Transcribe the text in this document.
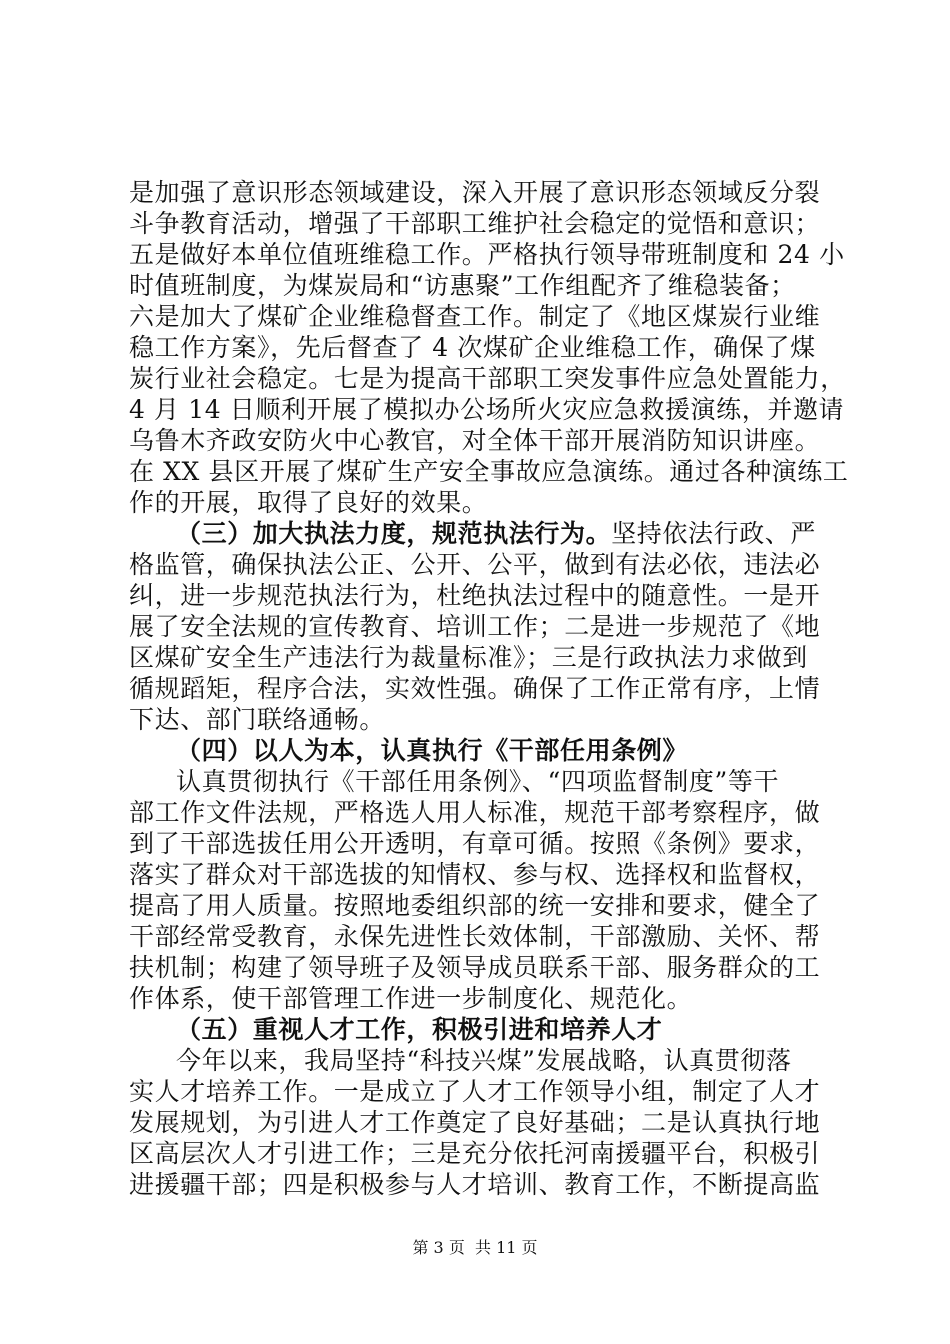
是加强了意识形态领域建设，深入开展了意识形态领域反分裂
斗争教育活动，增强了干部职工维护社会稳定的觉悟和意识；
五是做好本单位值班维稳工作。严格执行领导带班制度和 24 小
时值班制度，为煤炭局和“访惠聚”工作组配齐了维稳装备；
六是加大了煤矿企业维稳督查工作。制定了《地区煤炭行业维
稳工作方案》，先后督查了 4 次煤矿企业维稳工作，确保了煤
炭行业社会稳定。七是为提高干部职工突发事件应急处置能力，
4 月 14 日顺利开展了模拟办公场所火灾应急救援演练，并邀请
乌鲁木齐政安防火中心教官，对全体干部开展消防知识讲座。
在 XX 县区开展了煤矿生产安全事故应急演练。通过各种演练工
作的开展，取得了良好的效果。
（三）加大执法力度，规范执法行为。坚持依法行政、严
格监管，确保执法公正、公开、公平，做到有法必依，违法必
纠，进一步规范执法行为，杜绝执法过程中的随意性。一是开
展了安全法规的宣传教育、培训工作；二是进一步规范了《地
区煤矿安全生产违法行为裁量标准》；三是行政执法力求做到
循规蹈矩，程序合法，实效性强。确保了工作正常有序，上情
下达、部门联络通畅。
（四）以人为本，认真执行《干部任用条例》
认真贯彻执行《干部任用条例》、“四项监督制度”等干
部工作文件法规，严格选人用人标准，规范干部考察程序，做
到了干部选拔任用公开透明，有章可循。按照《条例》要求，
落实了群众对干部选拔的知情权、参与权、选择权和监督权，
提高了用人质量。按照地委组织部的统一安排和要求，健全了
干部经常受教育，永保先进性长效体制，干部激励、关怀、帮
扶机制；构建了领导班子及领导成员联系干部、服务群众的工
作体系，使干部管理工作进一步制度化、规范化。
（五）重视人才工作，积极引进和培养人才
今年以来，我局坚持“科技兴煤”发展战略，认真贯彻落
实人才培养工作。一是成立了人才工作领导小组，制定了人才
发展规划，为引进人才工作奠定了良好基础；二是认真执行地
区高层次人才引进工作；三是充分依托河南援疆平台，积极引
进援疆干部；四是积极参与人才培训、教育工作，不断提高监
第 3 页  共 11 页
